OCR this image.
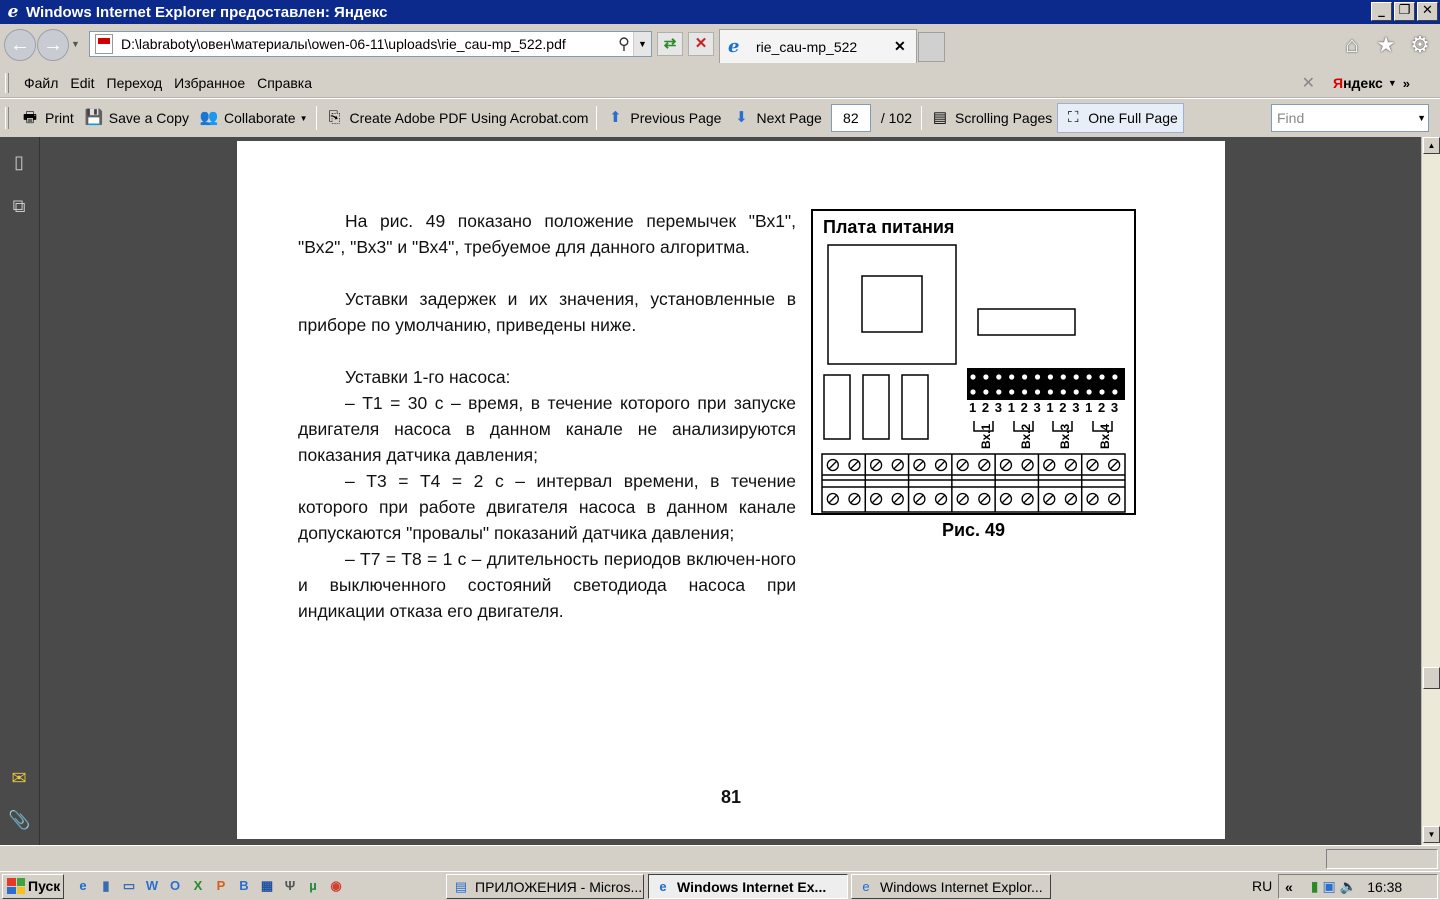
e Windows Internet Explorer предоставлен: Яндекс	_	❐ ✕
← → ▼	D:\labraboty\овен\материалы\owen-06-11\uploads\rie_cau-mp_522.pdf	⚲ ▼	⇄	✕	e	rie_cau-mp_522	✕	⌂ ★ ⚙
Файл Edit Переход Избранное Справка	✕ Яндекс ▼ »
🖶 Print 💾 Save a Copy 👥 Collaborate ▼ ⎘ Create Adobe PDF Using Acrobat.com ⬆ Previous Page ⬇ Next Page	82	/ 102	▤ Scrolling Pages	⛶ One Full Page	Find	▼
▯
⧉
✉
📎

На рис. 49 показано положение перемычек "Вх1", "Вх2", "Вх3" и "Вх4", требуемое для данного алгоритма.

Уставки задержек и их значения, установленные в приборе по умолчанию, приведены ниже.

Уставки 1-го насоса:

– Т1 = 30 с – время, в течение которого при запуске двигателя насоса в данном канале не анализируются показания датчика давления;

– Т3 = Т4 = 2 с – интервал времени, в течение которого при работе двигателя насоса в данном канале допускаются "провалы" показаний датчика давления;

– Т7 = Т8 = 1 с – длительность периодов включен-ного и выключенного состояний светодиода насоса при индикации отказа его двигателя.

Плата питания
1 2 3 1 2 3 1 2 3 1 2 3
Вх.1 Вх.2 Вх.3 Вх.4
Рис. 49
81
▲
▼
Пуск	e	▮	▭ W O	X	P	B ▦ Ψ	µ	◉	▤ ПРИЛОЖЕНИЯ - Micros...	e Windows Internet Ex...	e Windows Internet Explor...	RU « ▮ ▣ 🔈 16:38
